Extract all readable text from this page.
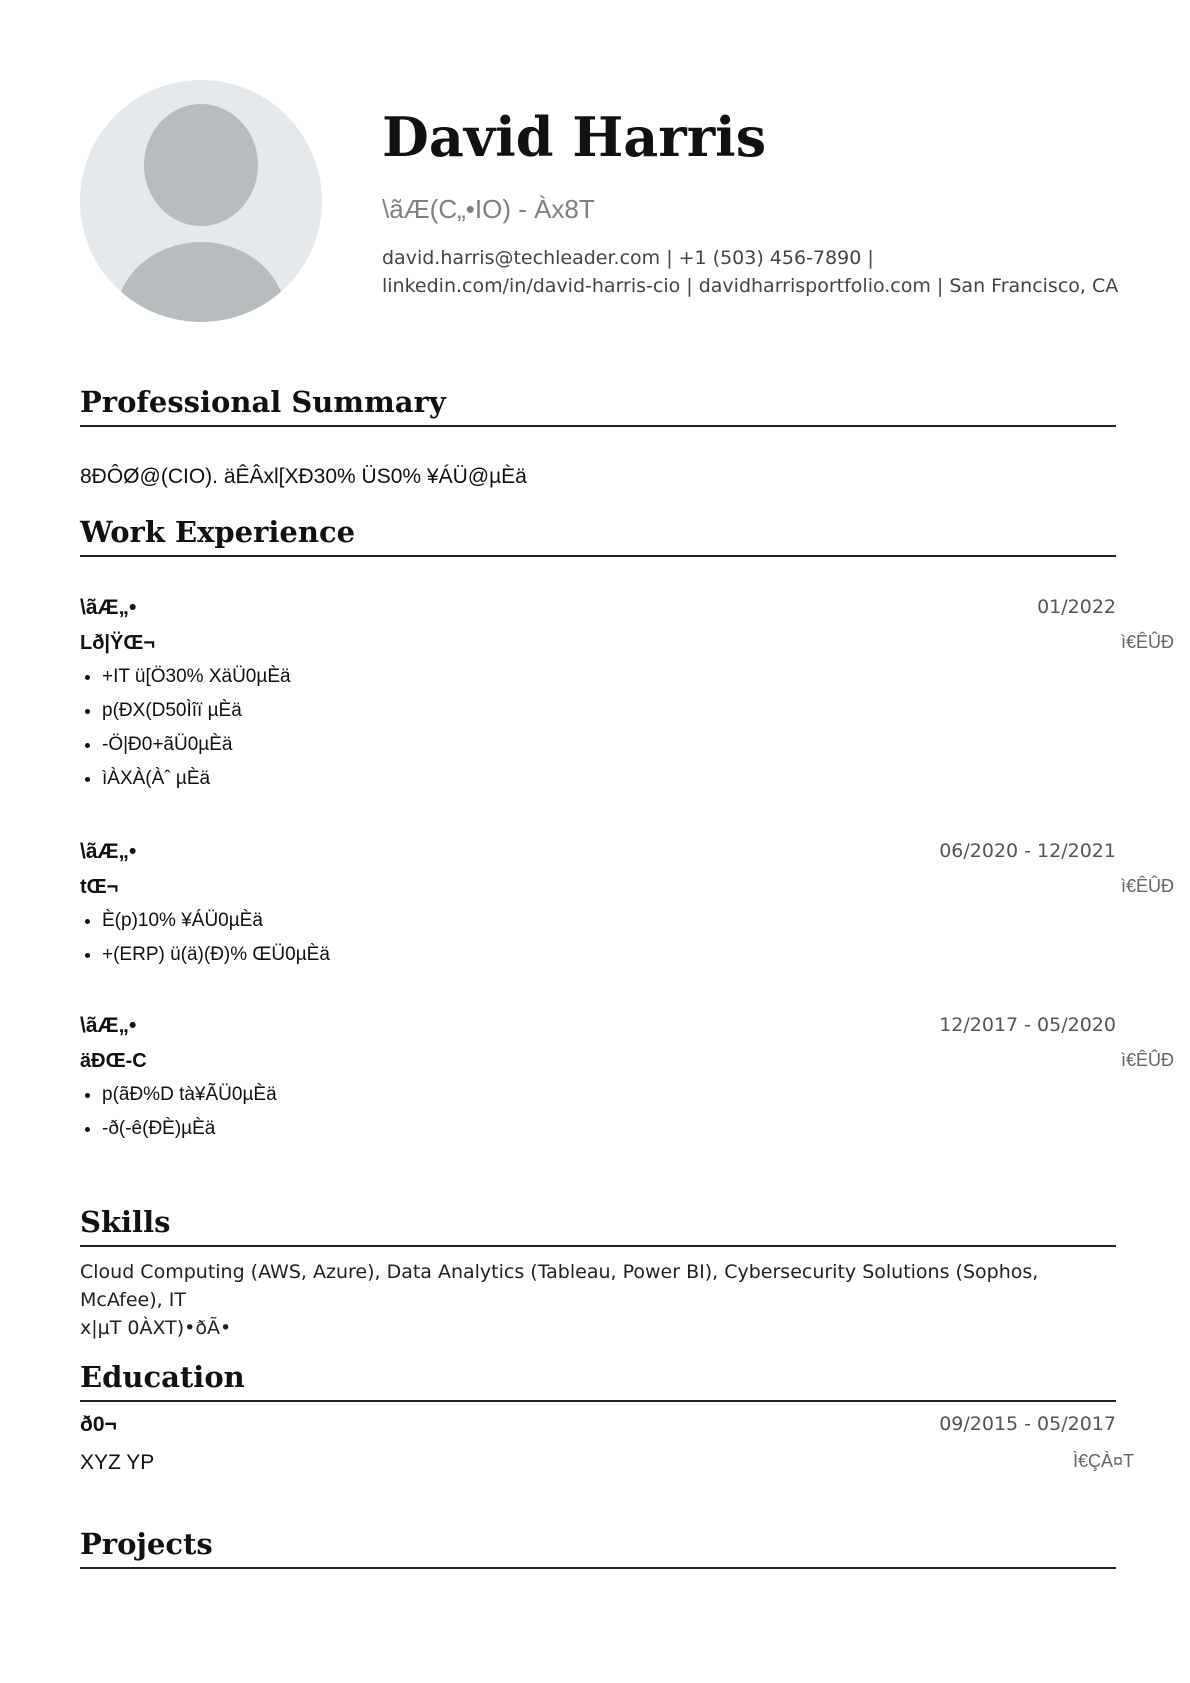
David Harris
\ãÆ(C„•IO) - Àx8T
david.harris@techleader.com | +1 (503) 456-7890 |
linkedin.com/in/david-harris-cio | davidharrisportfolio.com | San Francisco, CA
Professional Summary
8ÐÔØ@(CIO). äÊÂxl[XÐ30% ÜS0% ¥ÁÜ@µÈä
Work Experience
\ãÆ„•	01/2022
Lð|ŸŒ¬	ì€ÊÛÐ
• +IT ü[Ö30% XäÜ0µÈä
• p(ÐX(D50Ìîï µÈä
• -Ö|Ð0+ãÜ0µÈä
• ìÀXÀ(Àˆ µÈä
\ãÆ„•	06/2020 - 12/2021
tŒ¬	ì€ÊÛÐ
• È(p)10% ¥ÁÜ0µÈä
• +(ERP) ü(ä)(Ð)% ŒÜ0µÈä
\ãÆ„•	12/2017 - 05/2020
äÐŒ-C	ì€ÊÛÐ
• p(ãÐ%D tà¥ÃÜ0µÈä
• -ð(-ê(ÐÈ)µÈä
Skills
Cloud Computing (AWS, Azure), Data Analytics (Tableau, Power BI), Cybersecurity Solutions (Sophos, McAfee), IT
x|µT 0ÀXT)•ðÃ•
Education
ð0¬	09/2015 - 05/2017
XYZ YP	Ì€ÇÀ¤T
Projects
